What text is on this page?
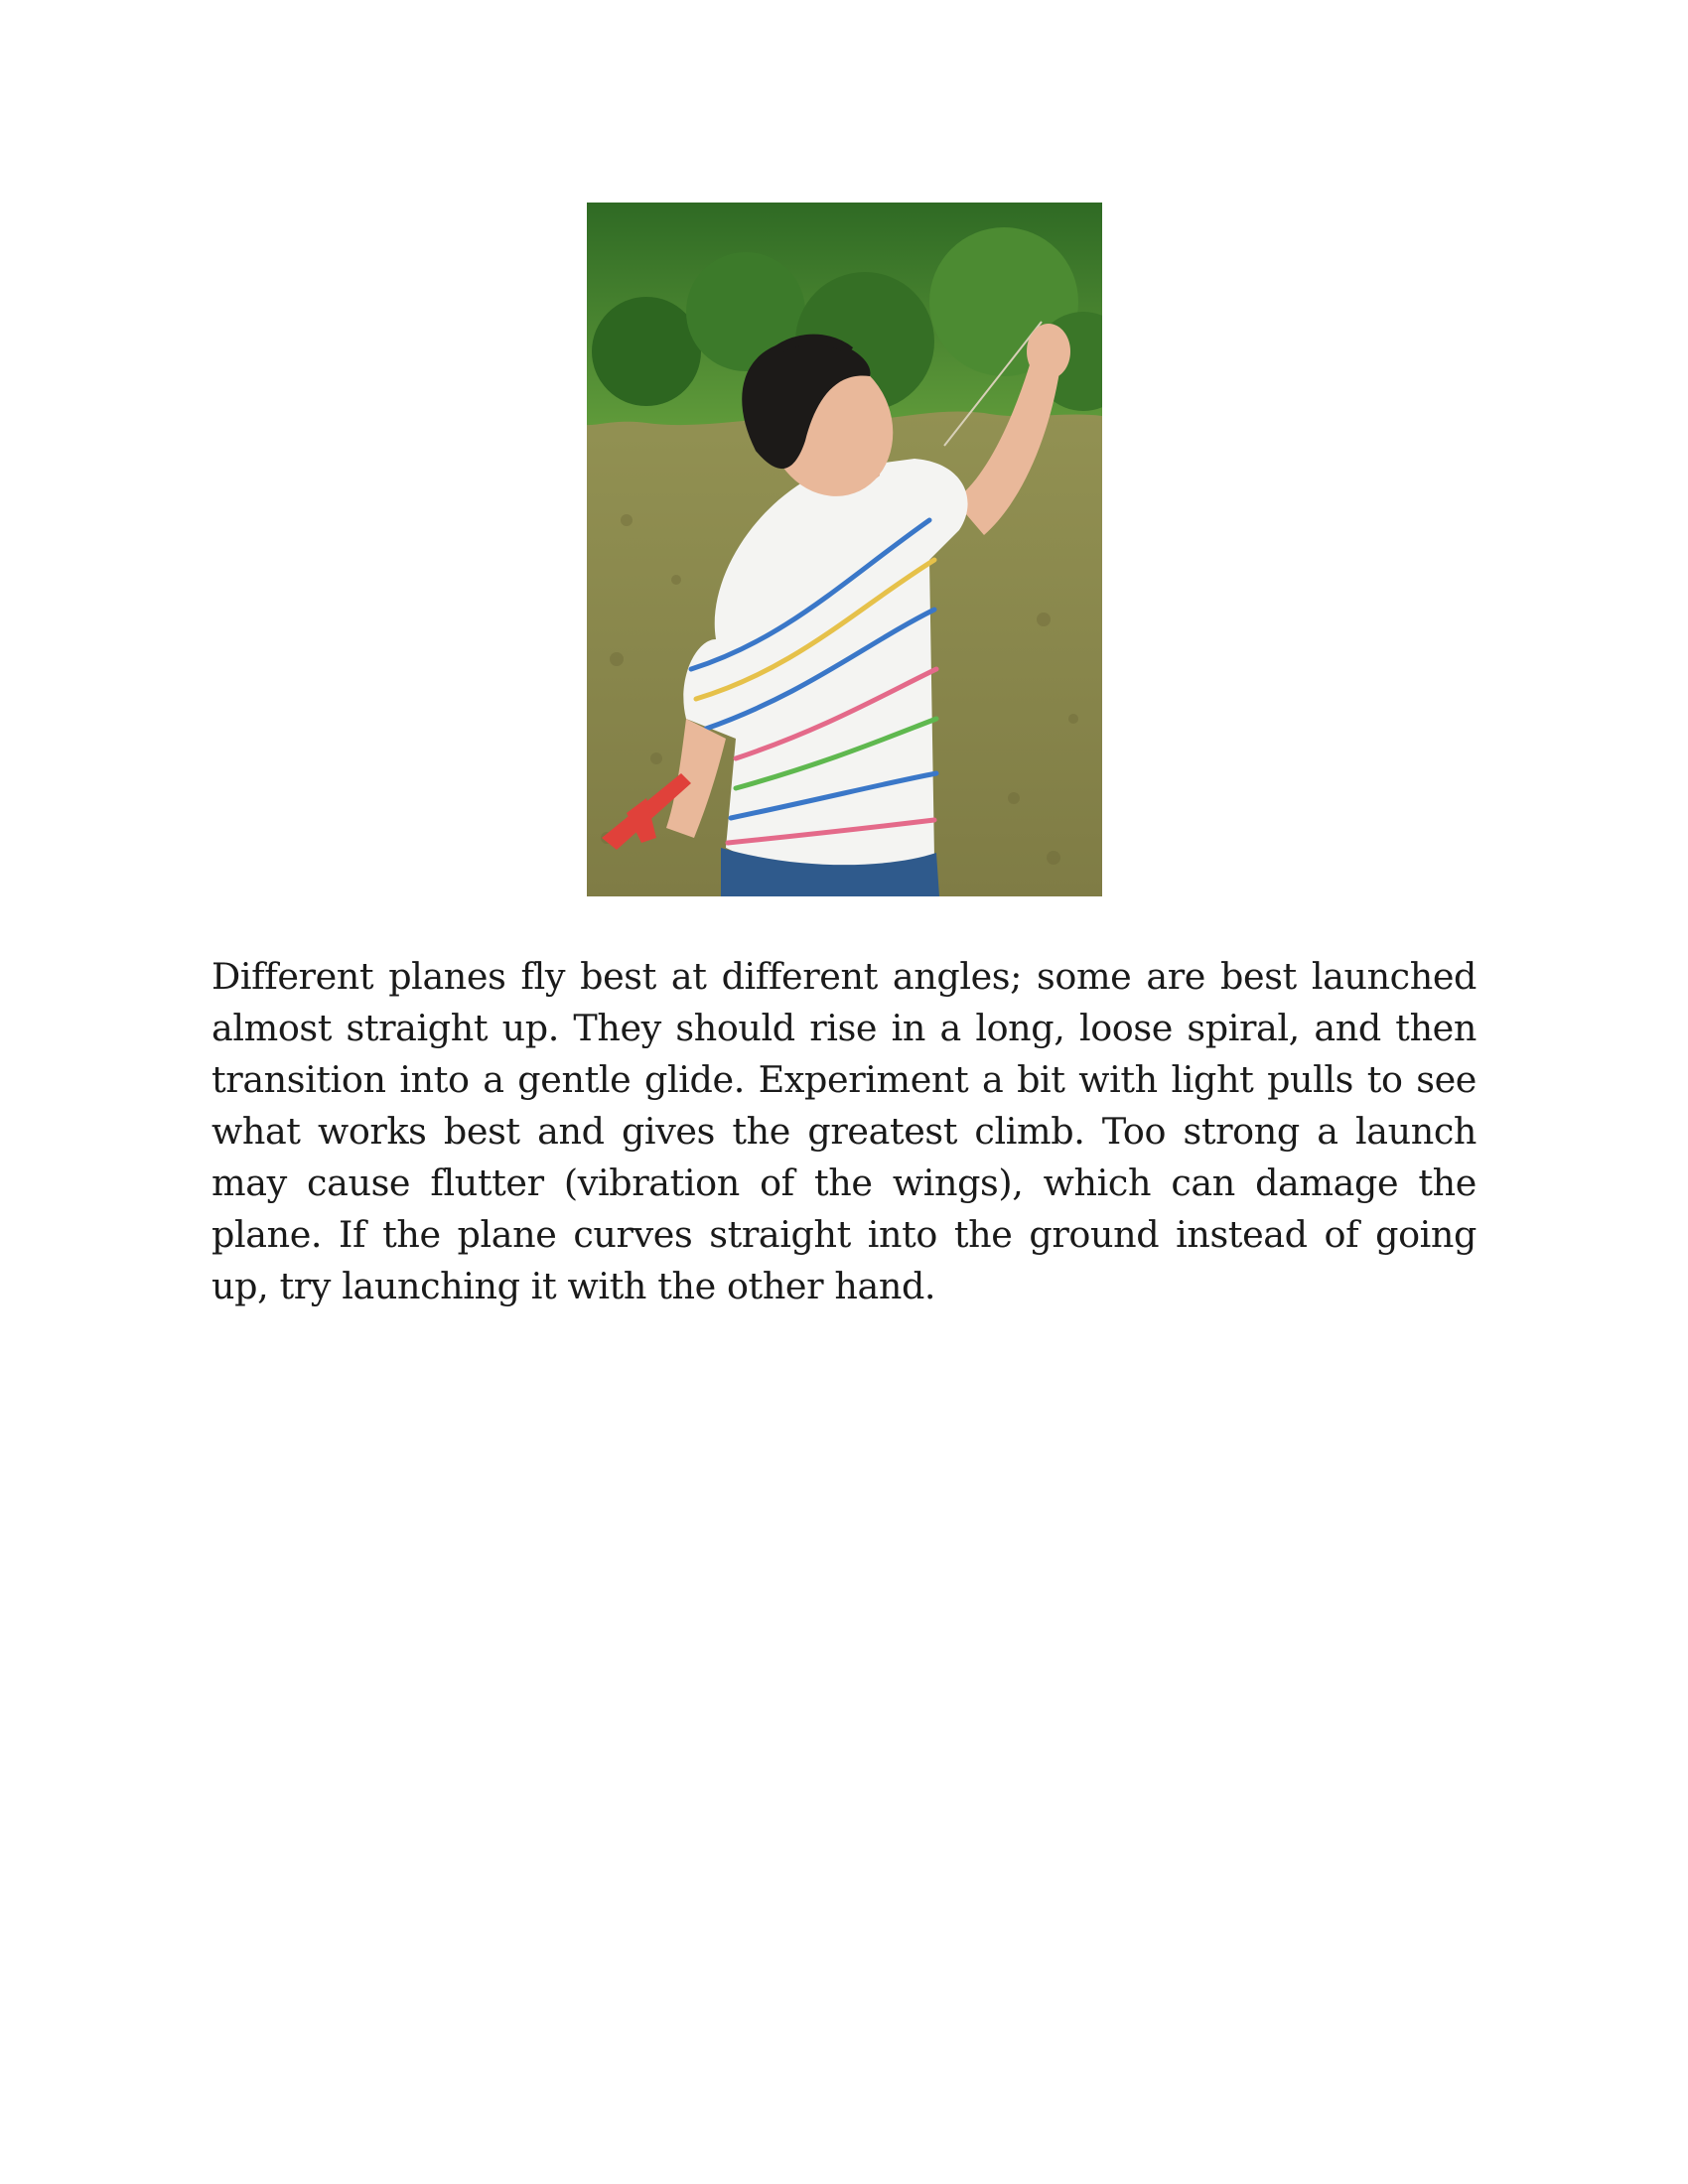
Different planes fly best at different angles; some are best launched almost straight up. They should rise in a long, loose spiral, and then transition into a gentle glide. Experiment a bit with light pulls to see what works best and gives the greatest climb. Too strong a launch may cause flutter (vibration of the wings), which can damage the plane. If the plane curves straight into the ground instead of going up, try launching it with the other hand.
